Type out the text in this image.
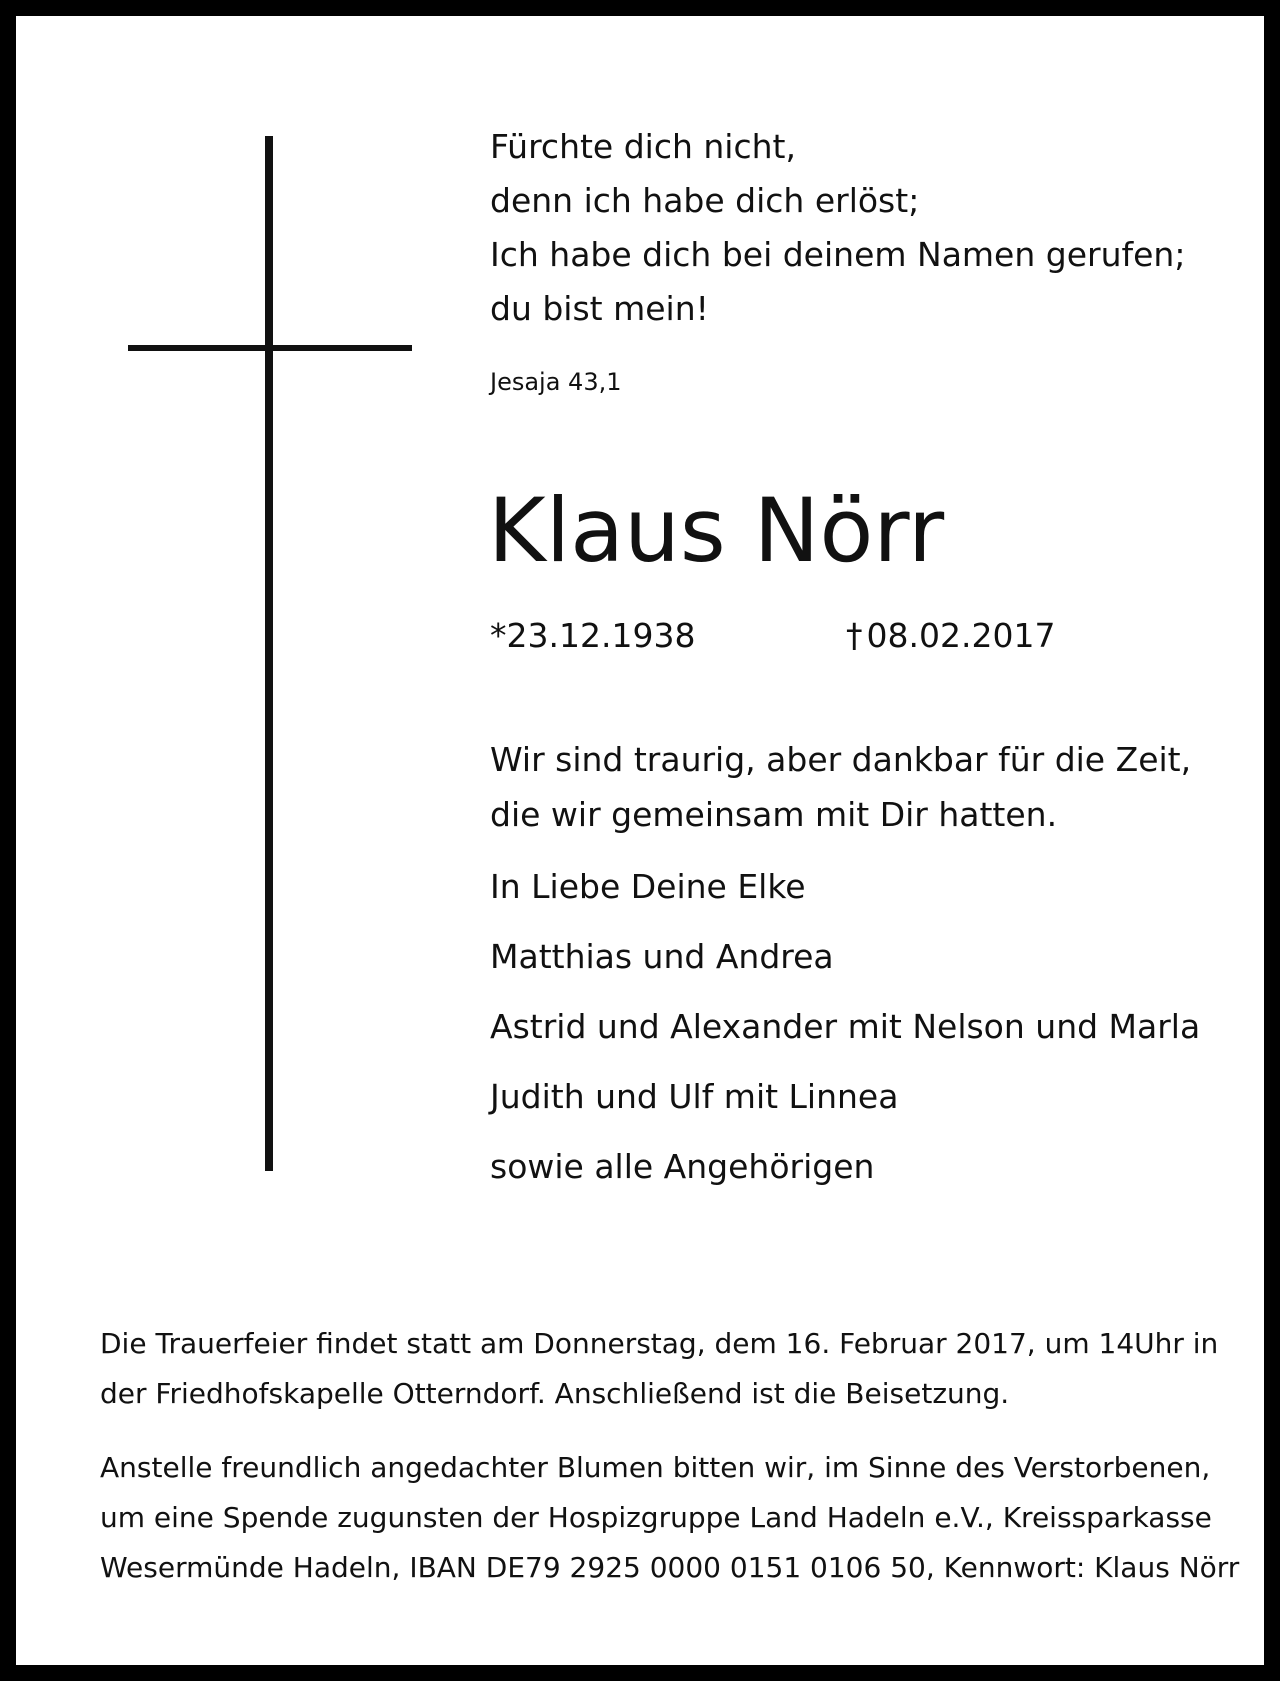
Fürchte dich nicht,
denn ich habe dich erlöst;
Ich habe dich bei deinem Namen gerufen;
du bist mein!
Jesaja 43,1
Klaus Nörr
*23.12.1938	† 08.02.2017
Wir sind traurig, aber dankbar für die Zeit,
die wir gemeinsam mit Dir hatten.
In Liebe Deine Elke
Matthias und Andrea
Astrid und Alexander mit Nelson und Marla
Judith und Ulf mit Linnea
sowie alle Angehörigen
Die Trauerfeier findet statt am Donnerstag, dem 16. Februar 2017, um 14Uhr in
der Friedhofskapelle Otterndorf. Anschließend ist die Beisetzung.
Anstelle freundlich angedachter Blumen bitten wir, im Sinne des Verstorbenen,
um eine Spende zugunsten der Hospizgruppe Land Hadeln e.V., Kreissparkasse
Wesermünde Hadeln, IBAN DE79 2925 0000 0151 0106 50, Kennwort: Klaus Nörr
